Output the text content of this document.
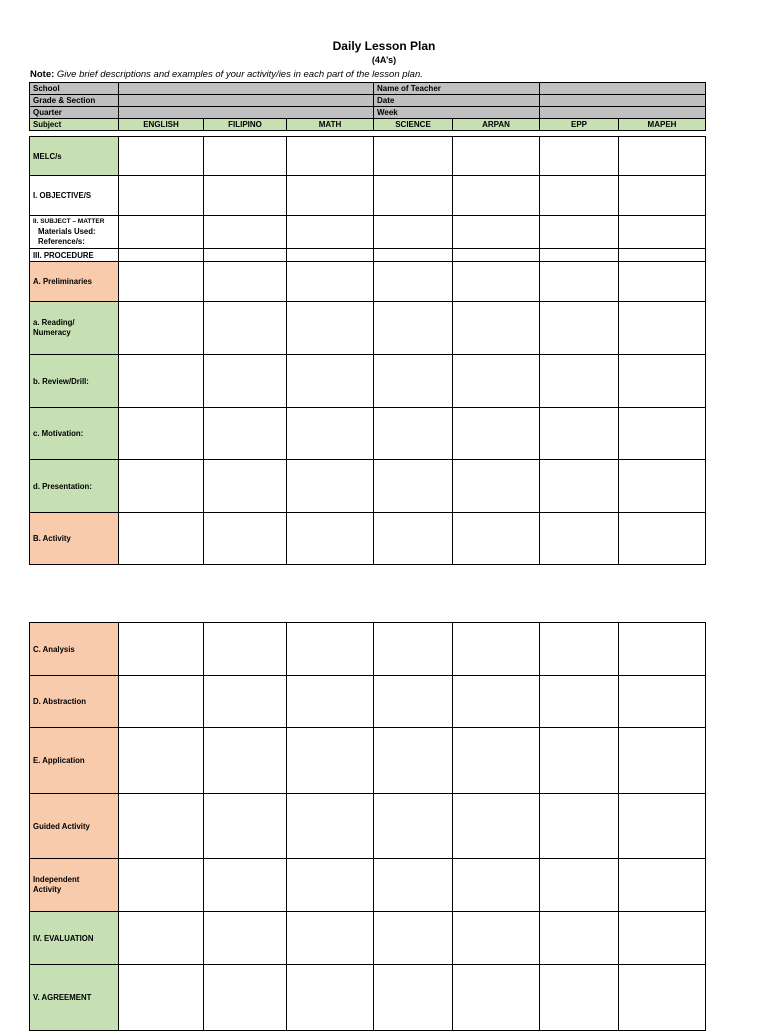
Daily Lesson Plan
(4A’s)
Note: Give brief descriptions and examples of your activity/ies in each part of the lesson plan.
School				Name of Teacher			
Grade & Section				Date			
Quarter				Week			
Subject	ENGLISH	FILIPINO	MATH	SCIENCE	ARPAN	EPP	MAPEH
MELC/s							
I. OBJECTIVE/S							

II. SUBJECT – MATTER
Materials Used:
Reference/s:							

III. PROCEDURE							
A. Preliminaries							

a. Reading/
Numeracy							

b. Review/Drill:							
c. Motivation:							
d. Presentation:							
B. Activity							
C. Analysis							
D. Abstraction							
E. Application							
Guided Activity							

Independent
Activity							

IV. EVALUATION							
V. AGREEMENT							
